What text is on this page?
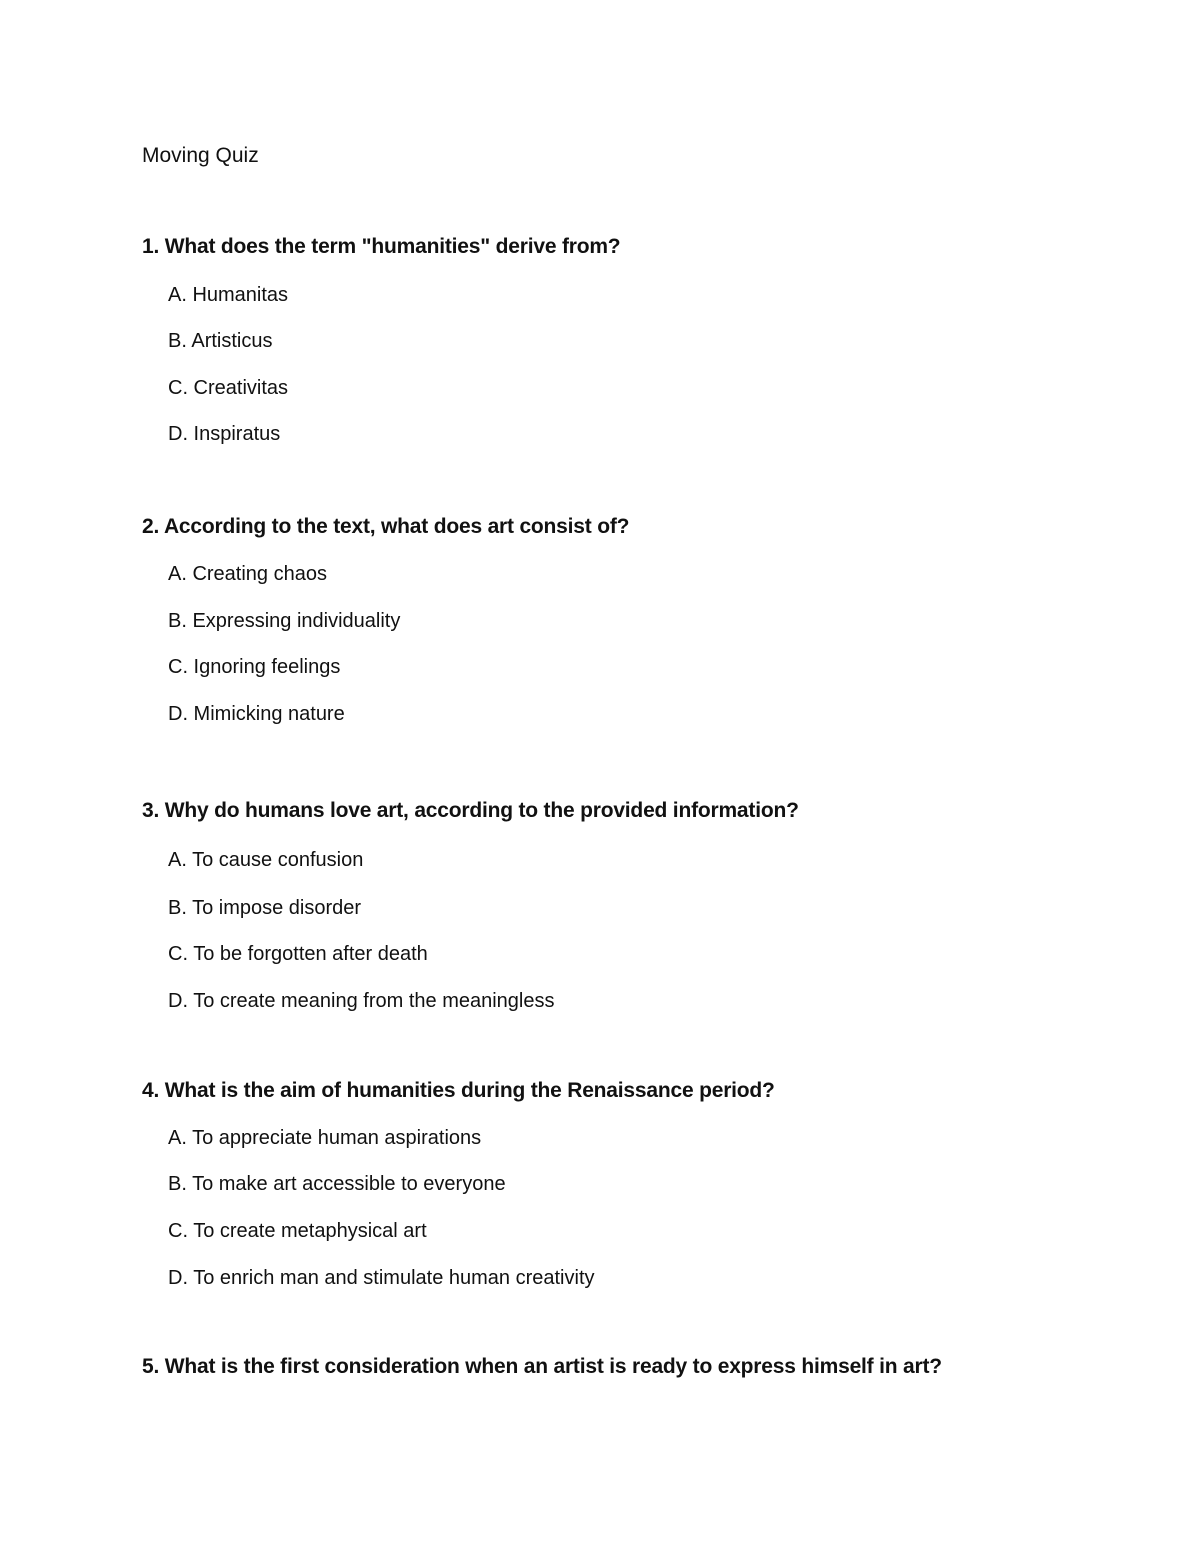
Moving Quiz
1. What does the term "humanities" derive from?
A. Humanitas
B. Artisticus
C. Creativitas
D. Inspiratus
2. According to the text, what does art consist of?
A. Creating chaos
B. Expressing individuality
C. Ignoring feelings
D. Mimicking nature
3. Why do humans love art, according to the provided information?
A. To cause confusion
B. To impose disorder
C. To be forgotten after death
D. To create meaning from the meaningless
4. What is the aim of humanities during the Renaissance period?
A. To appreciate human aspirations
B. To make art accessible to everyone
C. To create metaphysical art
D. To enrich man and stimulate human creativity
5. What is the first consideration when an artist is ready to express himself in art?
